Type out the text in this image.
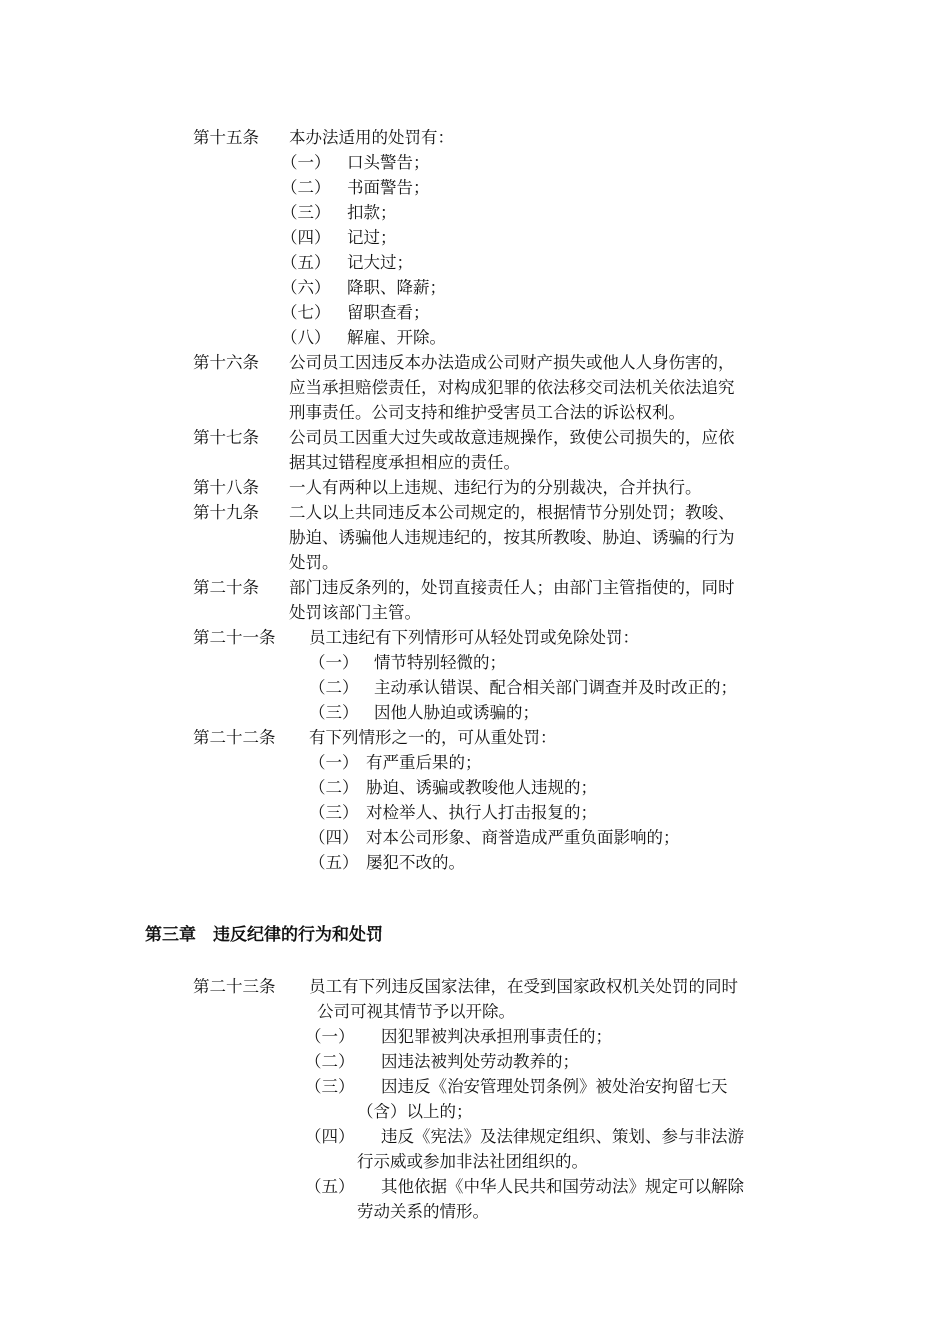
第十五条 本办法适用的处罚有：
（一） 口头警告；
（二） 书面警告；
（三） 扣款；
（四） 记过；
（五） 记大过；
（六） 降职、降薪；
（七） 留职查看；
（八） 解雇、开除。
第十六条 公司员工因违反本办法造成公司财产损失或他人人身伤害的，
应当承担赔偿责任，对构成犯罪的依法移交司法机关依法追究
刑事责任。公司支持和维护受害员工合法的诉讼权利。
第十七条 公司员工因重大过失或故意违规操作，致使公司损失的，应依
据其过错程度承担相应的责任。
第十八条 一人有两种以上违规、违纪行为的分别裁决，合并执行。
第十九条 二人以上共同违反本公司规定的，根据情节分别处罚；教唆、
胁迫、诱骗他人违规违纪的，按其所教唆、胁迫、诱骗的行为
处罚。
第二十条 部门违反条列的，处罚直接责任人；由部门主管指使的，同时
处罚该部门主管。
第二十一条 员工违纪有下列情形可从轻处罚或免除处罚：
（一） 情节特别轻微的；
（二） 主动承认错误、配合相关部门调查并及时改正的；
（三） 因他人胁迫或诱骗的；
第二十二条 有下列情形之一的，可从重处罚：
（一） 有严重后果的；
（二） 胁迫、诱骗或教唆他人违规的；
（三） 对检举人、执行人打击报复的；
（四） 对本公司形象、商誉造成严重负面影响的；
（五） 屡犯不改的。
第三章　违反纪律的行为和处罚
第二十三条 员工有下列违反国家法律，在受到国家政权机关处罚的同时
公司可视其情节予以开除。
（一） 因犯罪被判决承担刑事责任的；
（二） 因违法被判处劳动教养的；
（三） 因违反《治安管理处罚条例》被处治安拘留七天
（含）以上的；
（四） 违反《宪法》及法律规定组织、策划、参与非法游
行示威或参加非法社团组织的。
（五） 其他依据《中华人民共和国劳动法》规定可以解除
劳动关系的情形。
